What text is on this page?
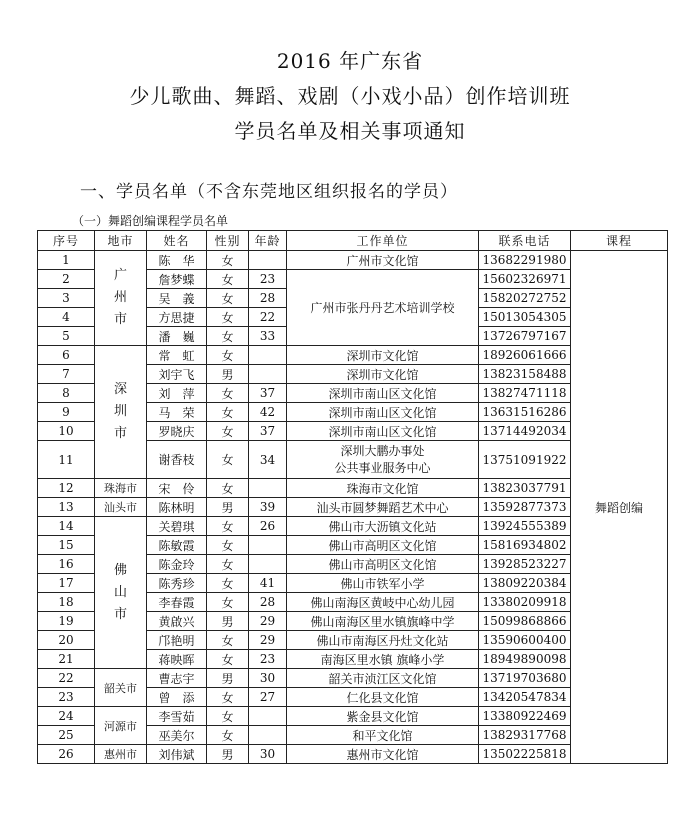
2016 年广东省
少儿歌曲、舞蹈、戏剧（小戏小品）创作培训班
学员名单及相关事项通知
一、学员名单（不含东莞地区组织报名的学员）
（一）舞蹈创编课程学员名单
序号	地市	姓名	性别	年龄	工作单位	联系电话	课程
1	广州市	陈　华	女		广州市文化馆	13682291980	舞蹈创编
2		詹梦蝶	女	23	广州市张丹丹艺术培训学校	15602326971	
3		吴　義	女	28		15820272752	
4		方思捷	女	22		15013054305	
5		潘　巍	女	33		13726797167	
6	深圳市	常　虹	女		深圳市文化馆	18926061666	
7		刘宇飞	男		深圳市文化馆	13823158488	
8		刘　萍	女	37	深圳市南山区文化馆	13827471118	
9		马　荣	女	42	深圳市南山区文化馆	13631516286	
10		罗晓庆	女	37	深圳市南山区文化馆	13714492034	
11		谢香枝	女	34	深圳大鹏办事处
公共事业服务中心	13751091922	
12	珠海市	宋　伶	女		珠海市文化馆	13823037791	
13	汕头市	陈林明	男	39	汕头市圆梦舞蹈艺术中心	13592877373	
14	佛山市	关碧琪	女	26	佛山市大沥镇文化站	13924555389	
15		陈敏霞	女		佛山市高明区文化馆	15816934802	
16		陈金玲	女		佛山市高明区文化馆	13928523227	
17		陈秀珍	女	41	佛山市铁军小学	13809220384	
18		李春霞	女	28	佛山南海区黄岐中心幼儿园	13380209918	
19		黄啟兴	男	29	佛山南海区里水镇旗峰中学	15099868866	
20		邝艳明	女	29	佛山市南海区丹灶文化站	13590600400	
21		蒋映晖	女	23	南海区里水镇 旗峰小学	18949890098	
22	韶关市	曹志宇	男	30	韶关市浈江区文化馆	13719703680	
23		曾　添	女	27	仁化县文化馆	13420547834	
24	河源市	李雪茹	女		紫金县文化馆	13380922469	
25		巫美尔	女		和平文化馆	13829317768	
26	惠州市	刘伟斌	男	30	惠州市文化馆	13502225818	
